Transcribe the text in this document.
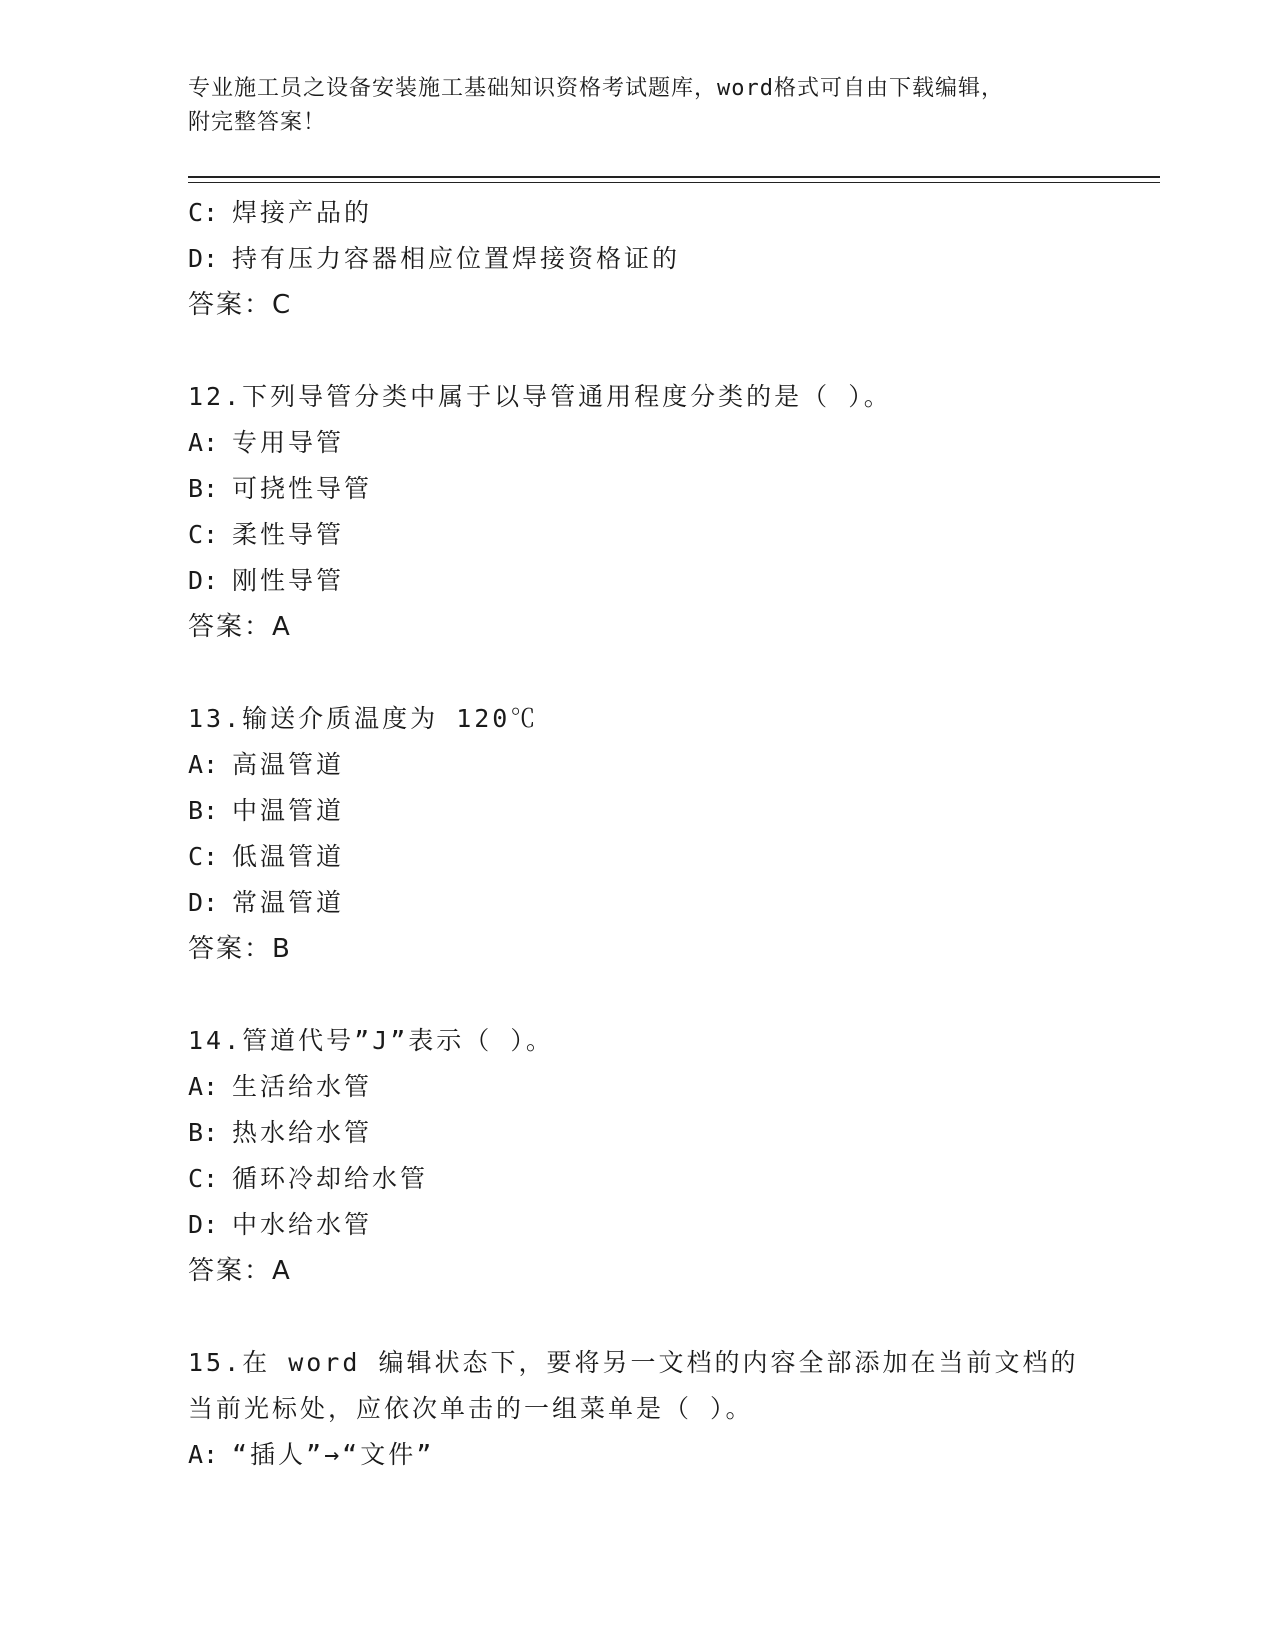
专业施工员之设备安装施工基础知识资格考试题库，word格式可自由下载编辑，
附完整答案！
C: 焊接产品的
D: 持有压力容器相应位置焊接资格证的
答案：C
12.下列导管分类中属于以导管通用程度分类的是（ ）。
A: 专用导管
B: 可挠性导管
C: 柔性导管
D: 刚性导管
答案：A
13.输送介质温度为 120℃
A: 高温管道
B: 中温管道
C: 低温管道
D: 常温管道
答案：B
14.管道代号”J”表示（ ）。
A: 生活给水管
B: 热水给水管
C: 循环冷却给水管
D: 中水给水管
答案：A
15.在 word 编辑状态下，要将另一文档的内容全部添加在当前文档的
当前光标处，应依次单击的一组菜单是（ ）。
A: “插人”→“文件”
